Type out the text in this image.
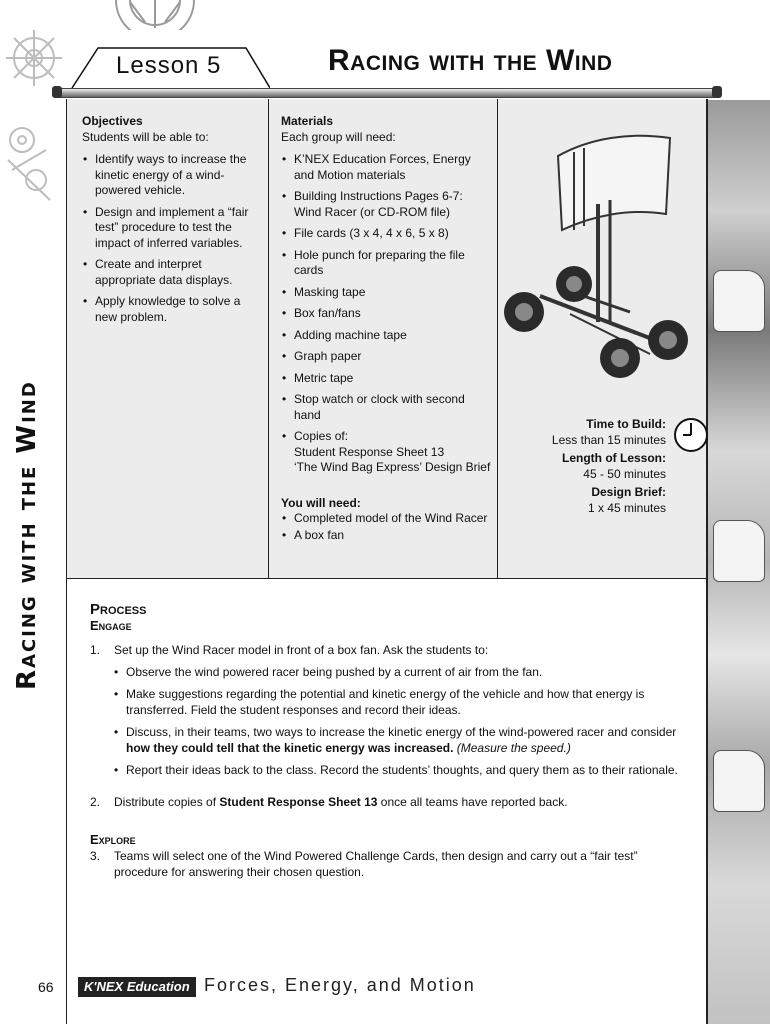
Racing with the Wind
Lesson 5	Racing with the Wind
Objectives

Students will be able to:

• Identify ways to increase the kinetic energy of a wind-powered vehicle.
• Design and implement a “fair test” procedure to test the impact of inferred variables.
• Create and interpret appropriate data displays.
• Apply knowledge to solve a new problem.
Materials

Each group will need:

• K’NEX Education Forces, Energy and Motion materials
• Building Instructions Pages 6-7: Wind Racer (or CD-ROM file)
• File cards (3 x 4, 4 x 6, 5 x 8)
• Hole punch for preparing the file cards
• Masking tape
• Box fan/fans
• Adding machine tape
• Graph paper
• Metric tape
• Stop watch or clock with second hand
• Copies of:
Student Response Sheet 13
‘The Wind Bag Express’ Design Brief
You will need:
• Completed model of the Wind Racer
• A box fan
Time to Build:
Less than 15 minutes
Length of Lesson:
45 - 50 minutes
Design Brief:
1 x 45 minutes
Process
Engage
1. Set up the Wind Racer model in front of a box fan. Ask the students to:
• Observe the wind powered racer being pushed by a current of air from the fan.
• Make suggestions regarding the potential and kinetic energy of the vehicle and how that energy is transferred. Field the student responses and record their ideas.
• Discuss, in their teams, two ways to increase the kinetic energy of the wind-powered racer and consider how they could tell that the kinetic energy was increased. (Measure the speed.)
• Report their ideas back to the class. Record the students’ thoughts, and query them as to their rationale.
2. Distribute copies of Student Response Sheet 13 once all teams have reported back.
Explore
3. Teams will select one of the Wind Powered Challenge Cards, then design and carry out a “fair test” procedure for answering their chosen question.
66	K'NEX Education Forces, Energy, and Motion
